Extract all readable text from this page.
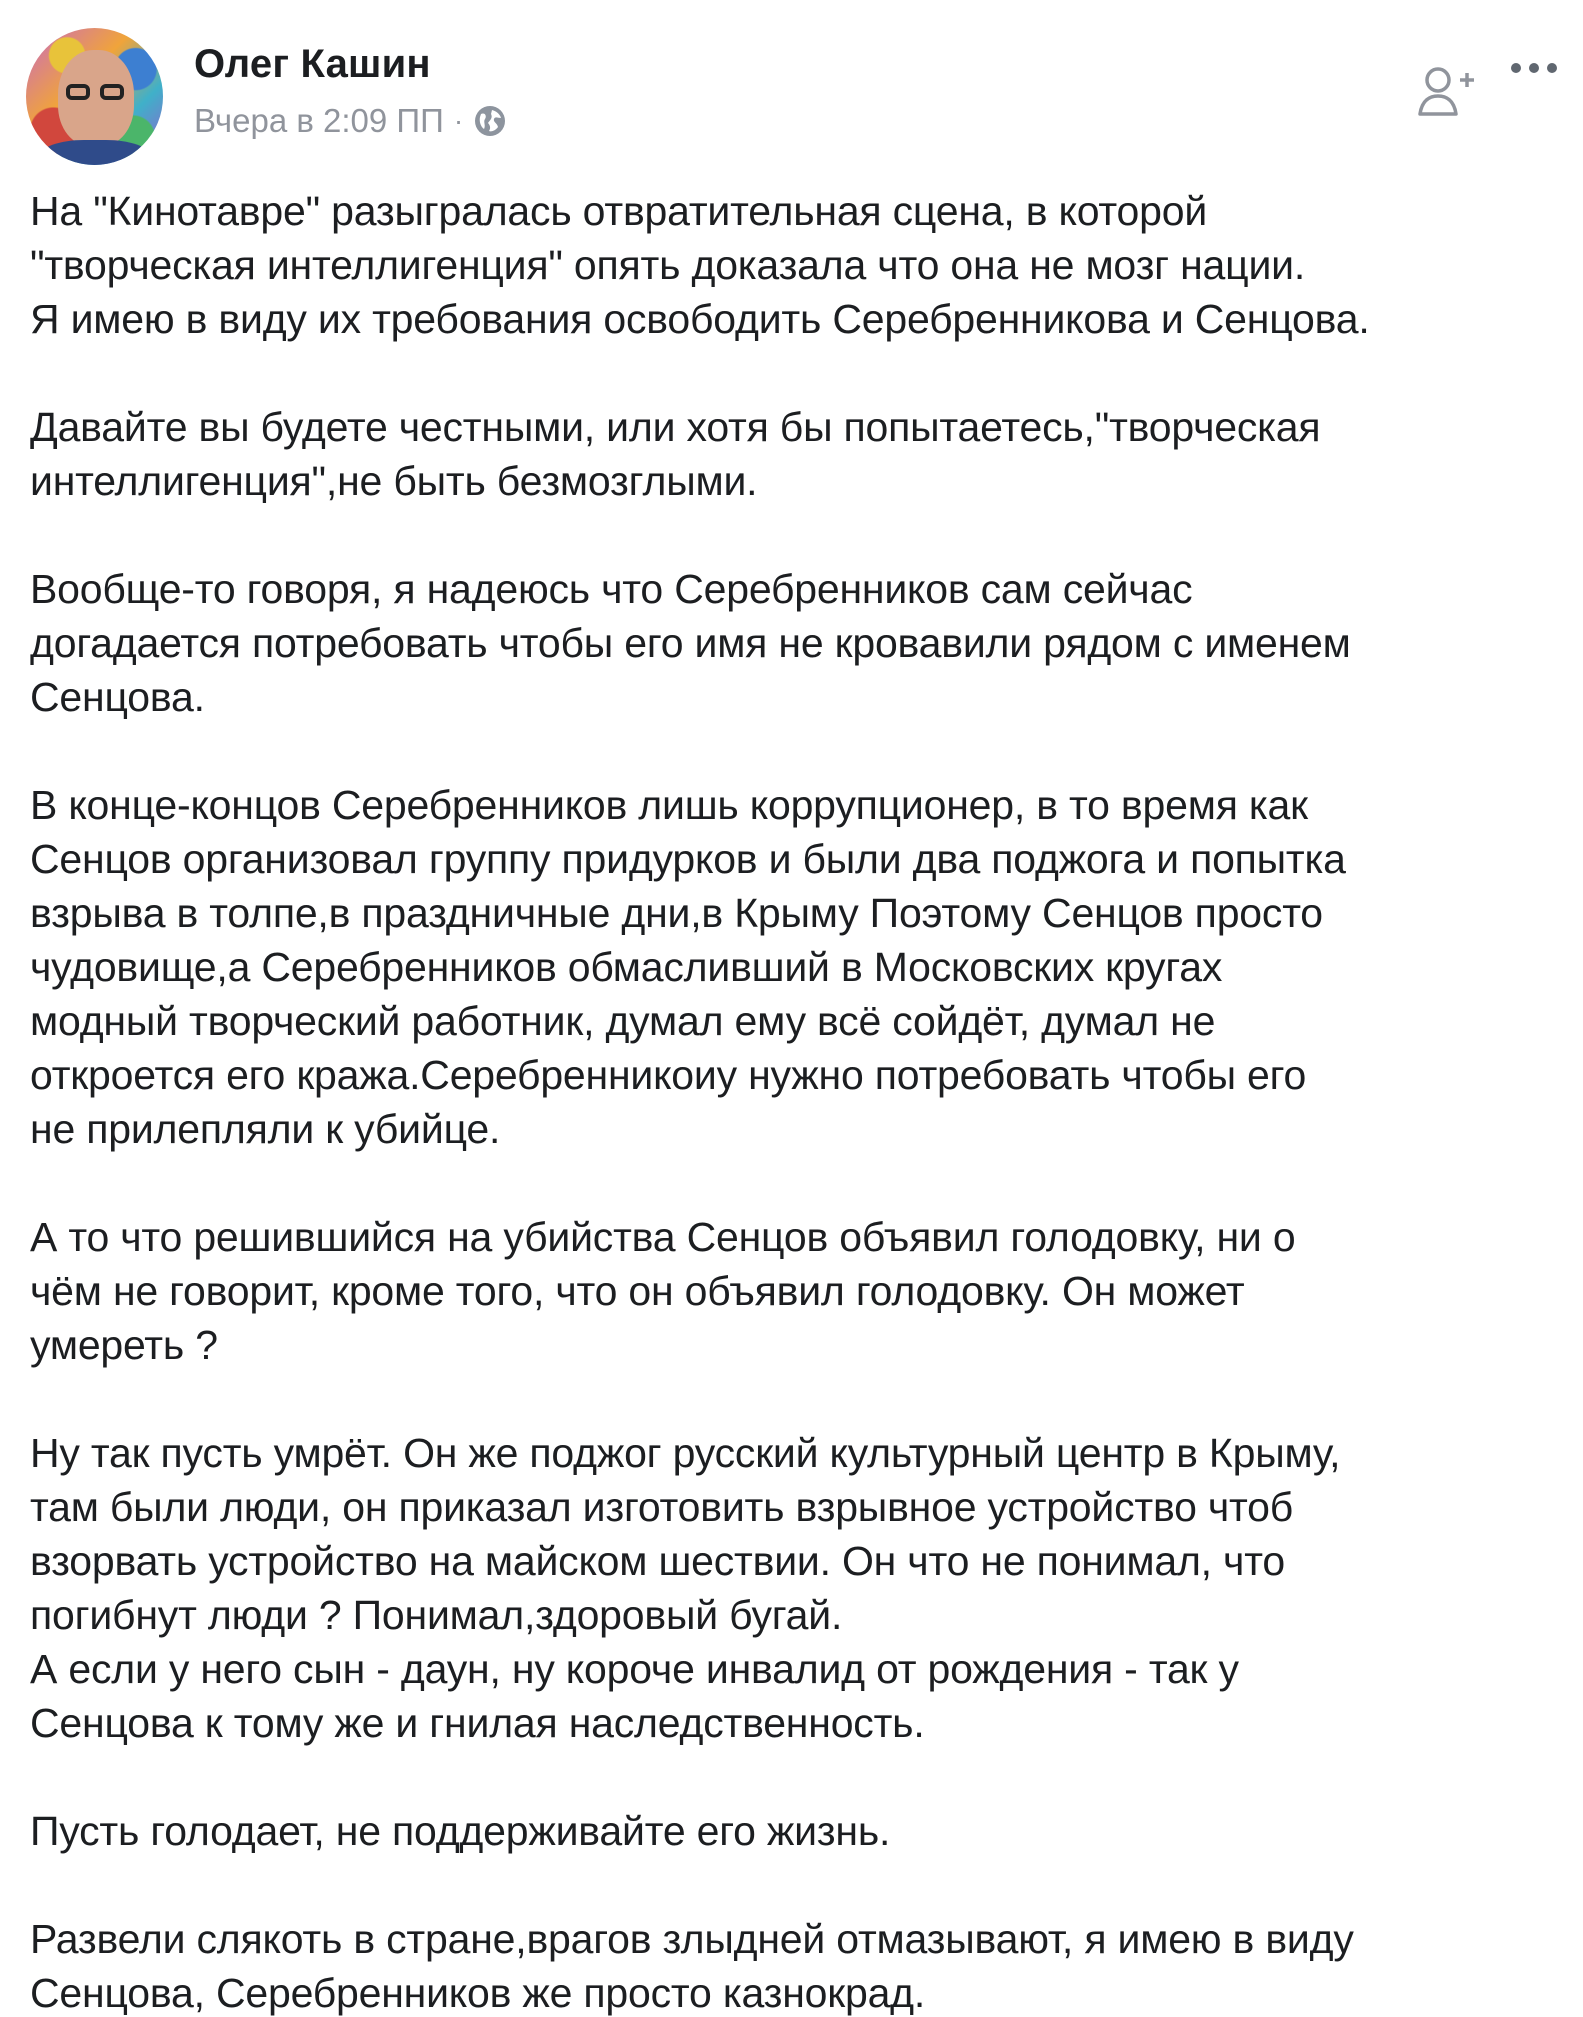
Олег Кашин
Вчера в 2:09 ПП ·
На "Кинотавре" разыгралась отвратительная сцена, в которой
"творческая интеллигенция" опять доказала что она не мозг нации.
Я имею в виду их требования освободить Серебренникова и Сенцова.
Давайте вы будете честными, или хотя бы попытаетесь,"творческая
интеллигенция",не быть безмозглыми.
Вообще-то говоря, я надеюсь что Серебренников сам сейчас
догадается потребовать чтобы его имя не кровавили рядом с именем
Сенцова.
В конце-концов Серебренников лишь коррупционер, в то время как
Сенцов организовал группу придурков и были два поджога и попытка
взрыва в толпе,в праздничные дни,в Крыму Поэтому Сенцов просто
чудовище,а Серебренников обмасливший в Московских кругах
модный творческий работник, думал ему всё сойдёт, думал не
откроется его кража.Серебренникоиу нужно потребовать чтобы его
не прилепляли к убийце.
А то что решившийся на убийства Сенцов объявил голодовку, ни о
чём не говорит, кроме того, что он объявил голодовку. Он может
умереть ?
Ну так пусть умрёт. Он же поджог русский культурный центр в Крыму,
там были люди, он приказал изготовить взрывное устройство чтоб
взорвать устройство на майском шествии. Он что не понимал, что
погибнут люди ? Понимал,здоровый бугай.
А если у него сын - даун, ну короче инвалид от рождения - так у
Сенцова к тому же и гнилая наследственность.
Пусть голодает, не поддерживайте его жизнь.
Развели слякоть в стране,врагов злыдней отмазывают, я имею в виду
Сенцова, Серебренников же просто казнокрад.
